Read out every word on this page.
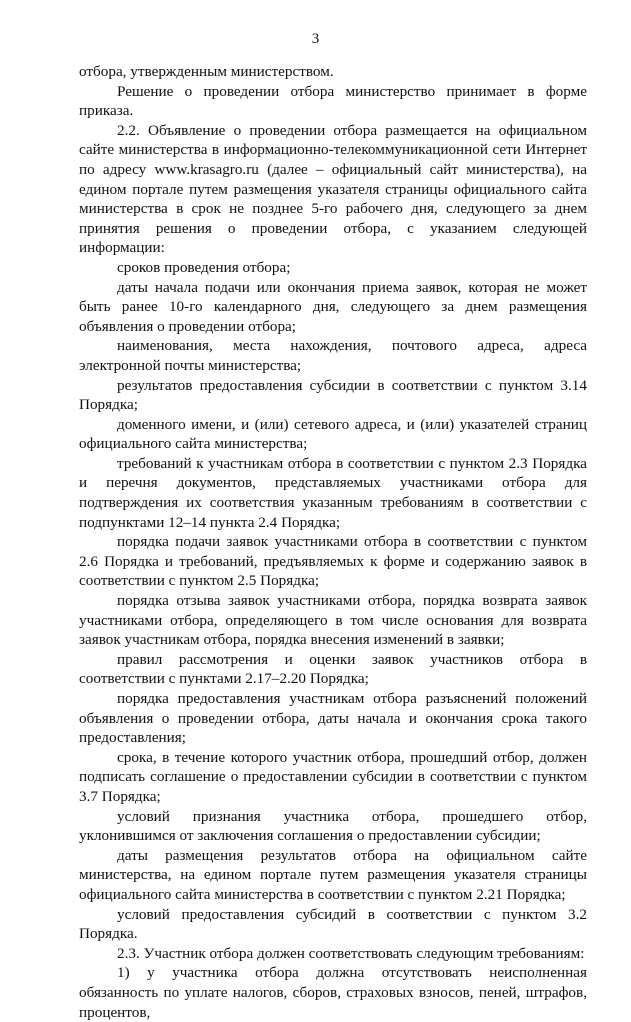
3

отбора, утвержденным министерством.

Решение о проведении отбора министерство принимает в форме приказа.

2.2. Объявление о проведении отбора размещается на официальном сайте министерства в информационно-телекоммуникационной сети Интернет по адресу www.krasagro.ru (далее – официальный сайт министерства), на едином портале путем размещения указателя страницы официального сайта министерства в срок не позднее 5-го рабочего дня, следующего за днем принятия решения о проведении отбора, с указанием следующей информации:

сроков проведения отбора;

даты начала подачи или окончания приема заявок, которая не может быть ранее 10-го календарного дня, следующего за днем размещения объявления о проведении отбора;

наименования, места нахождения, почтового адреса, адреса электронной почты министерства;

результатов предоставления субсидии в соответствии с пунктом 3.14 Порядка;

доменного имени, и (или) сетевого адреса, и (или) указателей страниц официального сайта министерства;

требований к участникам отбора в соответствии с пунктом 2.3 Порядка и перечня документов, представляемых участниками отбора для подтверждения их соответствия указанным требованиям в соответствии с подпунктами 12–14 пункта 2.4 Порядка;

порядка подачи заявок участниками отбора в соответствии с пунктом 2.6 Порядка и требований, предъявляемых к форме и содержанию заявок в соответствии с пунктом 2.5 Порядка;

порядка отзыва заявок участниками отбора, порядка возврата заявок участниками отбора, определяющего в том числе основания для возврата заявок участникам отбора, порядка внесения изменений в заявки;

правил рассмотрения и оценки заявок участников отбора в соответствии с пунктами 2.17–2.20 Порядка;

порядка предоставления участникам отбора разъяснений положений объявления о проведении отбора, даты начала и окончания срока такого предоставления;

срока, в течение которого участник отбора, прошедший отбор, должен подписать соглашение о предоставлении субсидии в соответствии с пунктом 3.7 Порядка;

условий признания участника отбора, прошедшего отбор, уклонившимся от заключения соглашения о предоставлении субсидии;

даты размещения результатов отбора на официальном сайте министерства, на едином портале путем размещения указателя страницы официального сайта министерства в соответствии с пунктом 2.21 Порядка;

условий предоставления субсидий в соответствии с пунктом 3.2 Порядка.

2.3. Участник отбора должен соответствовать следующим требованиям:

1) у участника отбора должна отсутствовать неисполненная обязанность по уплате налогов, сборов, страховых взносов, пеней, штрафов, процентов,
